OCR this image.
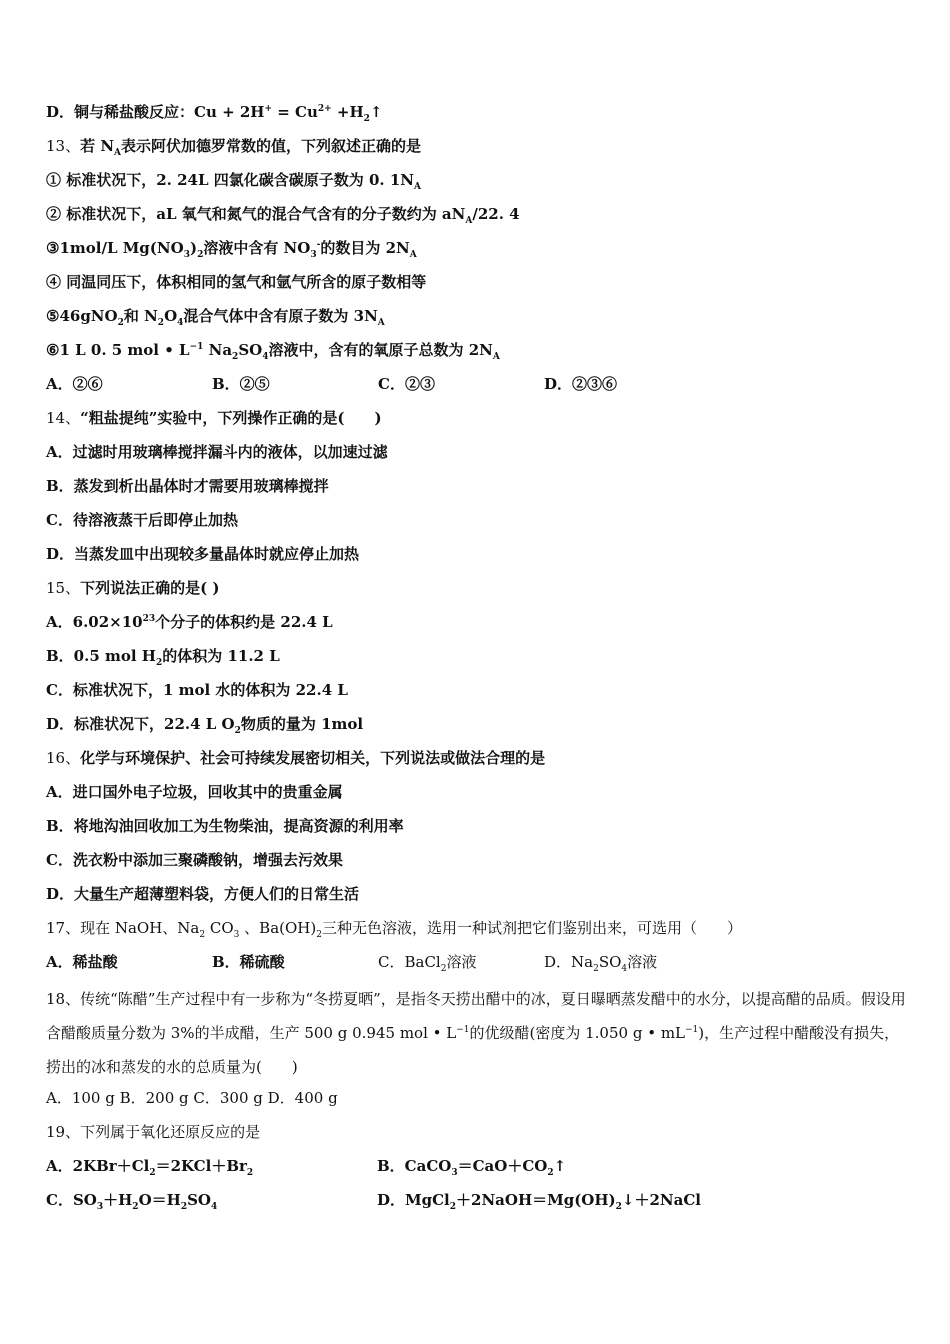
D．铜与稀盐酸反应：$Cu + 2H^+ = Cu^{2+}$ $+H_2↑$
13、若 $N_A$表示阿伏加德罗常数的值，下列叙述正确的是
① 标准状况下，2. 24L 四氯化碳含碳原子数为 0. $1N_A$
② 标准状况下，aL 氧气和氮气的混合气含有的分子数约为 $aN_A/22$. 4
③1mol/L $Mg(NO_3)_2$溶液中含有 $NO_3^-$的数目为 $2N_A$
④ 同温同压下，体积相同的氢气和氩气所含的原子数相等
⑤46gNO$_2$和 $N_2O_4$混合气体中含有原子数为 $3N_A$
⑥1 L 0. 5 mol • $L^{-1}$ $Na_2SO_4$溶液中，含有的氧原子总数为 $2N_A$
A．②⑥	B．②⑤	C．②③	D．②③⑥
14、“粗盐提纯”实验中，下列操作正确的是(　　)
A．过滤时用玻璃棒搅拌漏斗内的液体，以加速过滤
B．蒸发到析出晶体时才需要用玻璃棒搅拌
C．待溶液蒸干后即停止加热
D．当蒸发皿中出现较多量晶体时就应停止加热
15、下列说法正确的是( )
A．$6.02\times 10^{23}$个分子的体积约是 22.4 L
B．0.5 mol $H_2$的体积为 11.2 L
C．标准状况下，1 mol 水的体积为 22.4 L
D．标准状况下，22.4 L $O_2$物质的量为 1mol
16、化学与环境保护、社会可持续发展密切相关，下列说法或做法合理的是
A．进口国外电子垃圾，回收其中的贵重金属
B．将地沟油回收加工为生物柴油，提高资源的利用率
C．洗衣粉中添加三聚磷酸钠，增强去污效果
D．大量生产超薄塑料袋，方便人们的日常生活
17、现在 NaOH、$Na_2$ $CO_3$ 、$Ba(OH)_2$三种无色溶液，选用一种试剂把它们鉴别出来，可选用（　　）
A．稀盐酸	B．稀硫酸	C．BaCl$_2$溶液	D．$Na_2SO_4$溶液
18、传统“陈醋”生产过程中有一步称为“冬捞夏晒”，是指冬天捞出醋中的冰，夏日曝晒蒸发醋中的水分，以提高醋的品质。假设用含醋酸质量分数为 3%的半成醋，生产 500 g 0.945 mol • $L^{-1}$的优级醋(密度为 1.050 g • $mL^{-1}$)，生产过程中醋酸没有损失，捞出的冰和蒸发的水的总质量为(　　)
A．100 g B．200 g C．300 g D．400 g
19、下列属于氧化还原反应的是
A．$2KBr+Cl_2=2KCl+Br_2$	B．$CaCO_3=CaO+CO_2↑$
C．$SO_3+H_2O=H_2SO_4$	D．$MgCl_2+2NaOH=Mg(OH)_2↓+2NaCl$
